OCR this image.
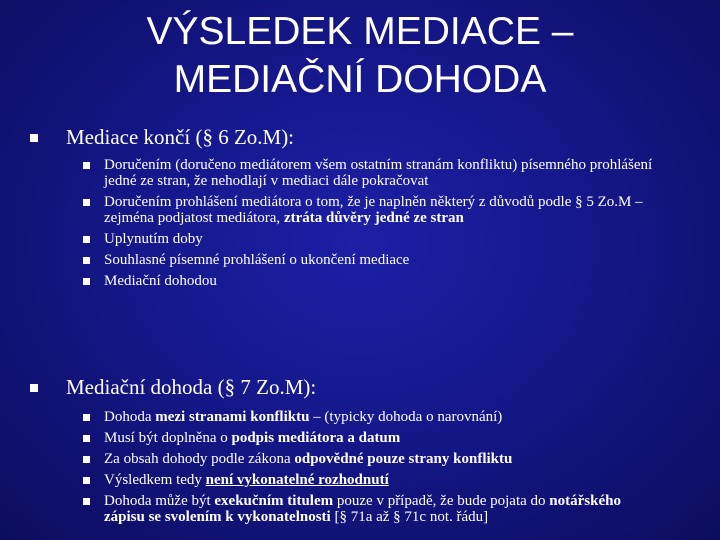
VÝSLEDEK MEDIACE –
MEDIAČNÍ DOHODA
Mediace končí (§ 6 Zo.M):
Doručením (doručeno mediátorem všem ostatním stranám konfliktu) písemného prohlášení jedné ze stran, že nehodlají v mediaci dále pokračovat
Doručením prohlášení mediátora o tom, že je naplněn některý z důvodů podle § 5 Zo.M – zejména podjatost mediátora, ztráta důvěry jedné ze stran
Uplynutím doby
Souhlasné písemné prohlášení o ukončení mediace
Mediační dohodou
Mediační dohoda (§ 7 Zo.M):
Dohoda mezi stranami konfliktu – (typicky dohoda o narovnání)
Musí být doplněna o podpis mediátora a datum
Za obsah dohody podle zákona odpovědné pouze strany konfliktu
Výsledkem tedy není vykonatelné rozhodnutí
Dohoda může být exekučním titulem pouze v případě, že bude pojata do notářského zápisu se svolením k vykonatelnosti [§ 71a až § 71c not. řádu]
